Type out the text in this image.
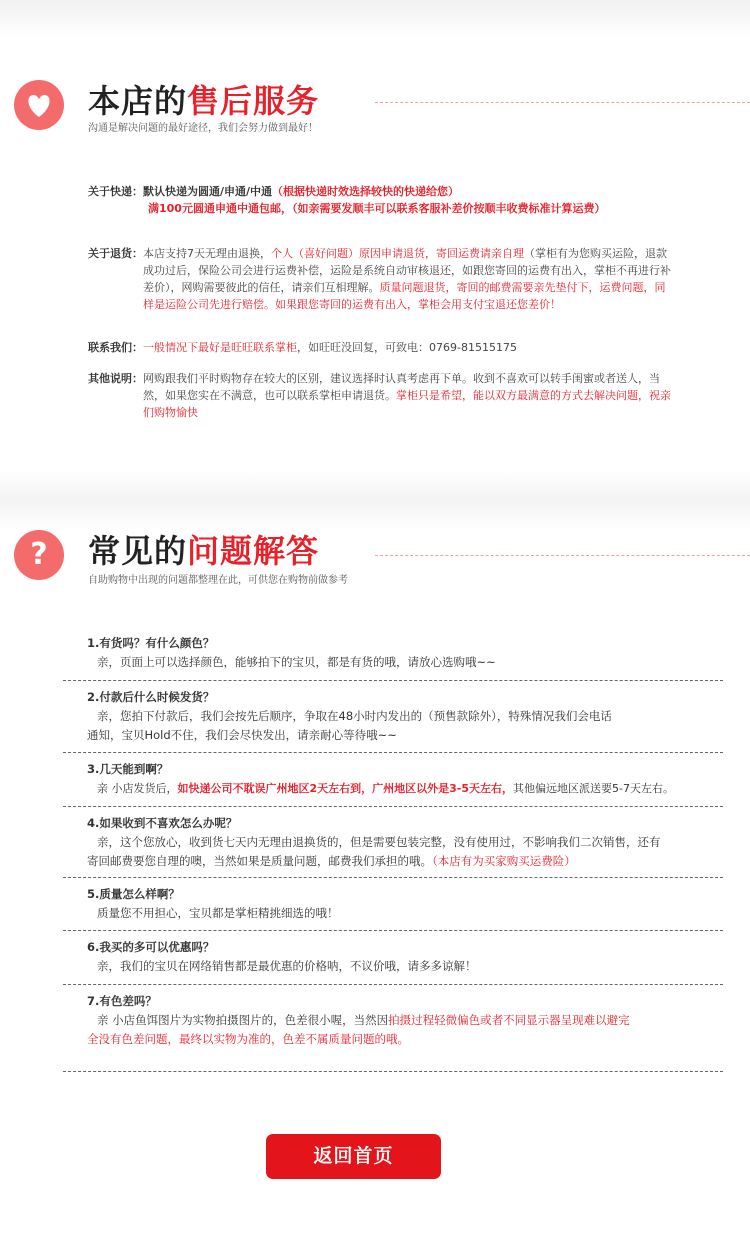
本店的售后服务
沟通是解决问题的最好途径，我们会努力做到最好！
关于快递：默认快递为圆通/申通/中通（根据快递时效选择较快的快递给您）
满100元圆通申通中通包邮，（如亲需要发顺丰可以联系客服补差价按顺丰收费标准计算运费）
关于退货： 本店支持7天无理由退换，个人（喜好问题）原因申请退货，寄回运费请亲自理（掌柜有为您购买运险，退款成功过后，保险公司会进行运费补偿，运险是系统自动审核退还，如跟您寄回的运费有出入，掌柜不再进行补差价），网购需要彼此的信任，请亲们互相理解。质量问题退货，寄回的邮费需要亲先垫付下，运费问题，同样是运险公司先进行赔偿。如果跟您寄回的运费有出入，掌柜会用支付宝退还您差价！
联系我们：一般情况下最好是旺旺联系掌柜，如旺旺没回复，可致电：0769-81515175
其他说明： 网购跟我们平时购物存在较大的区别，建议选择时认真考虑再下单。收到不喜欢可以转手闺蜜或者送人，当然，如果您实在不满意，也可以联系掌柜申请退货。掌柜只是希望，能以双方最满意的方式去解决问题，祝亲们购物愉快
?	常见的问题解答
自助购物中出现的问题都整理在此，可供您在购物前做参考
1.有货吗？有什么颜色？
亲，页面上可以选择颜色，能够拍下的宝贝，都是有货的哦，请放心选购哦~~
2.付款后什么时候发货？
亲，您拍下付款后，我们会按先后顺序，争取在48小时内发出的（预售款除外），特殊情况我们会电话
通知，宝贝Hold不住，我们会尽快发出，请亲耐心等待哦~~
3.几天能到啊？
亲 小店发货后，如快递公司不耽误广州地区2天左右到，广州地区以外是3-5天左右，其他偏远地区派送要5-7天左右。
4.如果收到不喜欢怎么办呢？
亲，这个您放心，收到货七天内无理由退换货的，但是需要包装完整，没有使用过，不影响我们二次销售，还有
寄回邮费要您自理的噢，当然如果是质量问题，邮费我们承担的哦。（本店有为买家购买运费险）
5.质量怎么样啊？
质量您不用担心，宝贝都是掌柜精挑细选的哦！
6.我买的多可以优惠吗？
亲，我们的宝贝在网络销售都是最优惠的价格呐，不议价哦，请多多谅解！
7.有色差吗？
亲 小店鱼饵图片为实物拍摄图片的，色差很小喔，当然因拍摄过程轻微偏色或者不同显示器呈现难以避完
全没有色差问题，最终以实物为准的，色差不属质量问题的哦。
返回首页
